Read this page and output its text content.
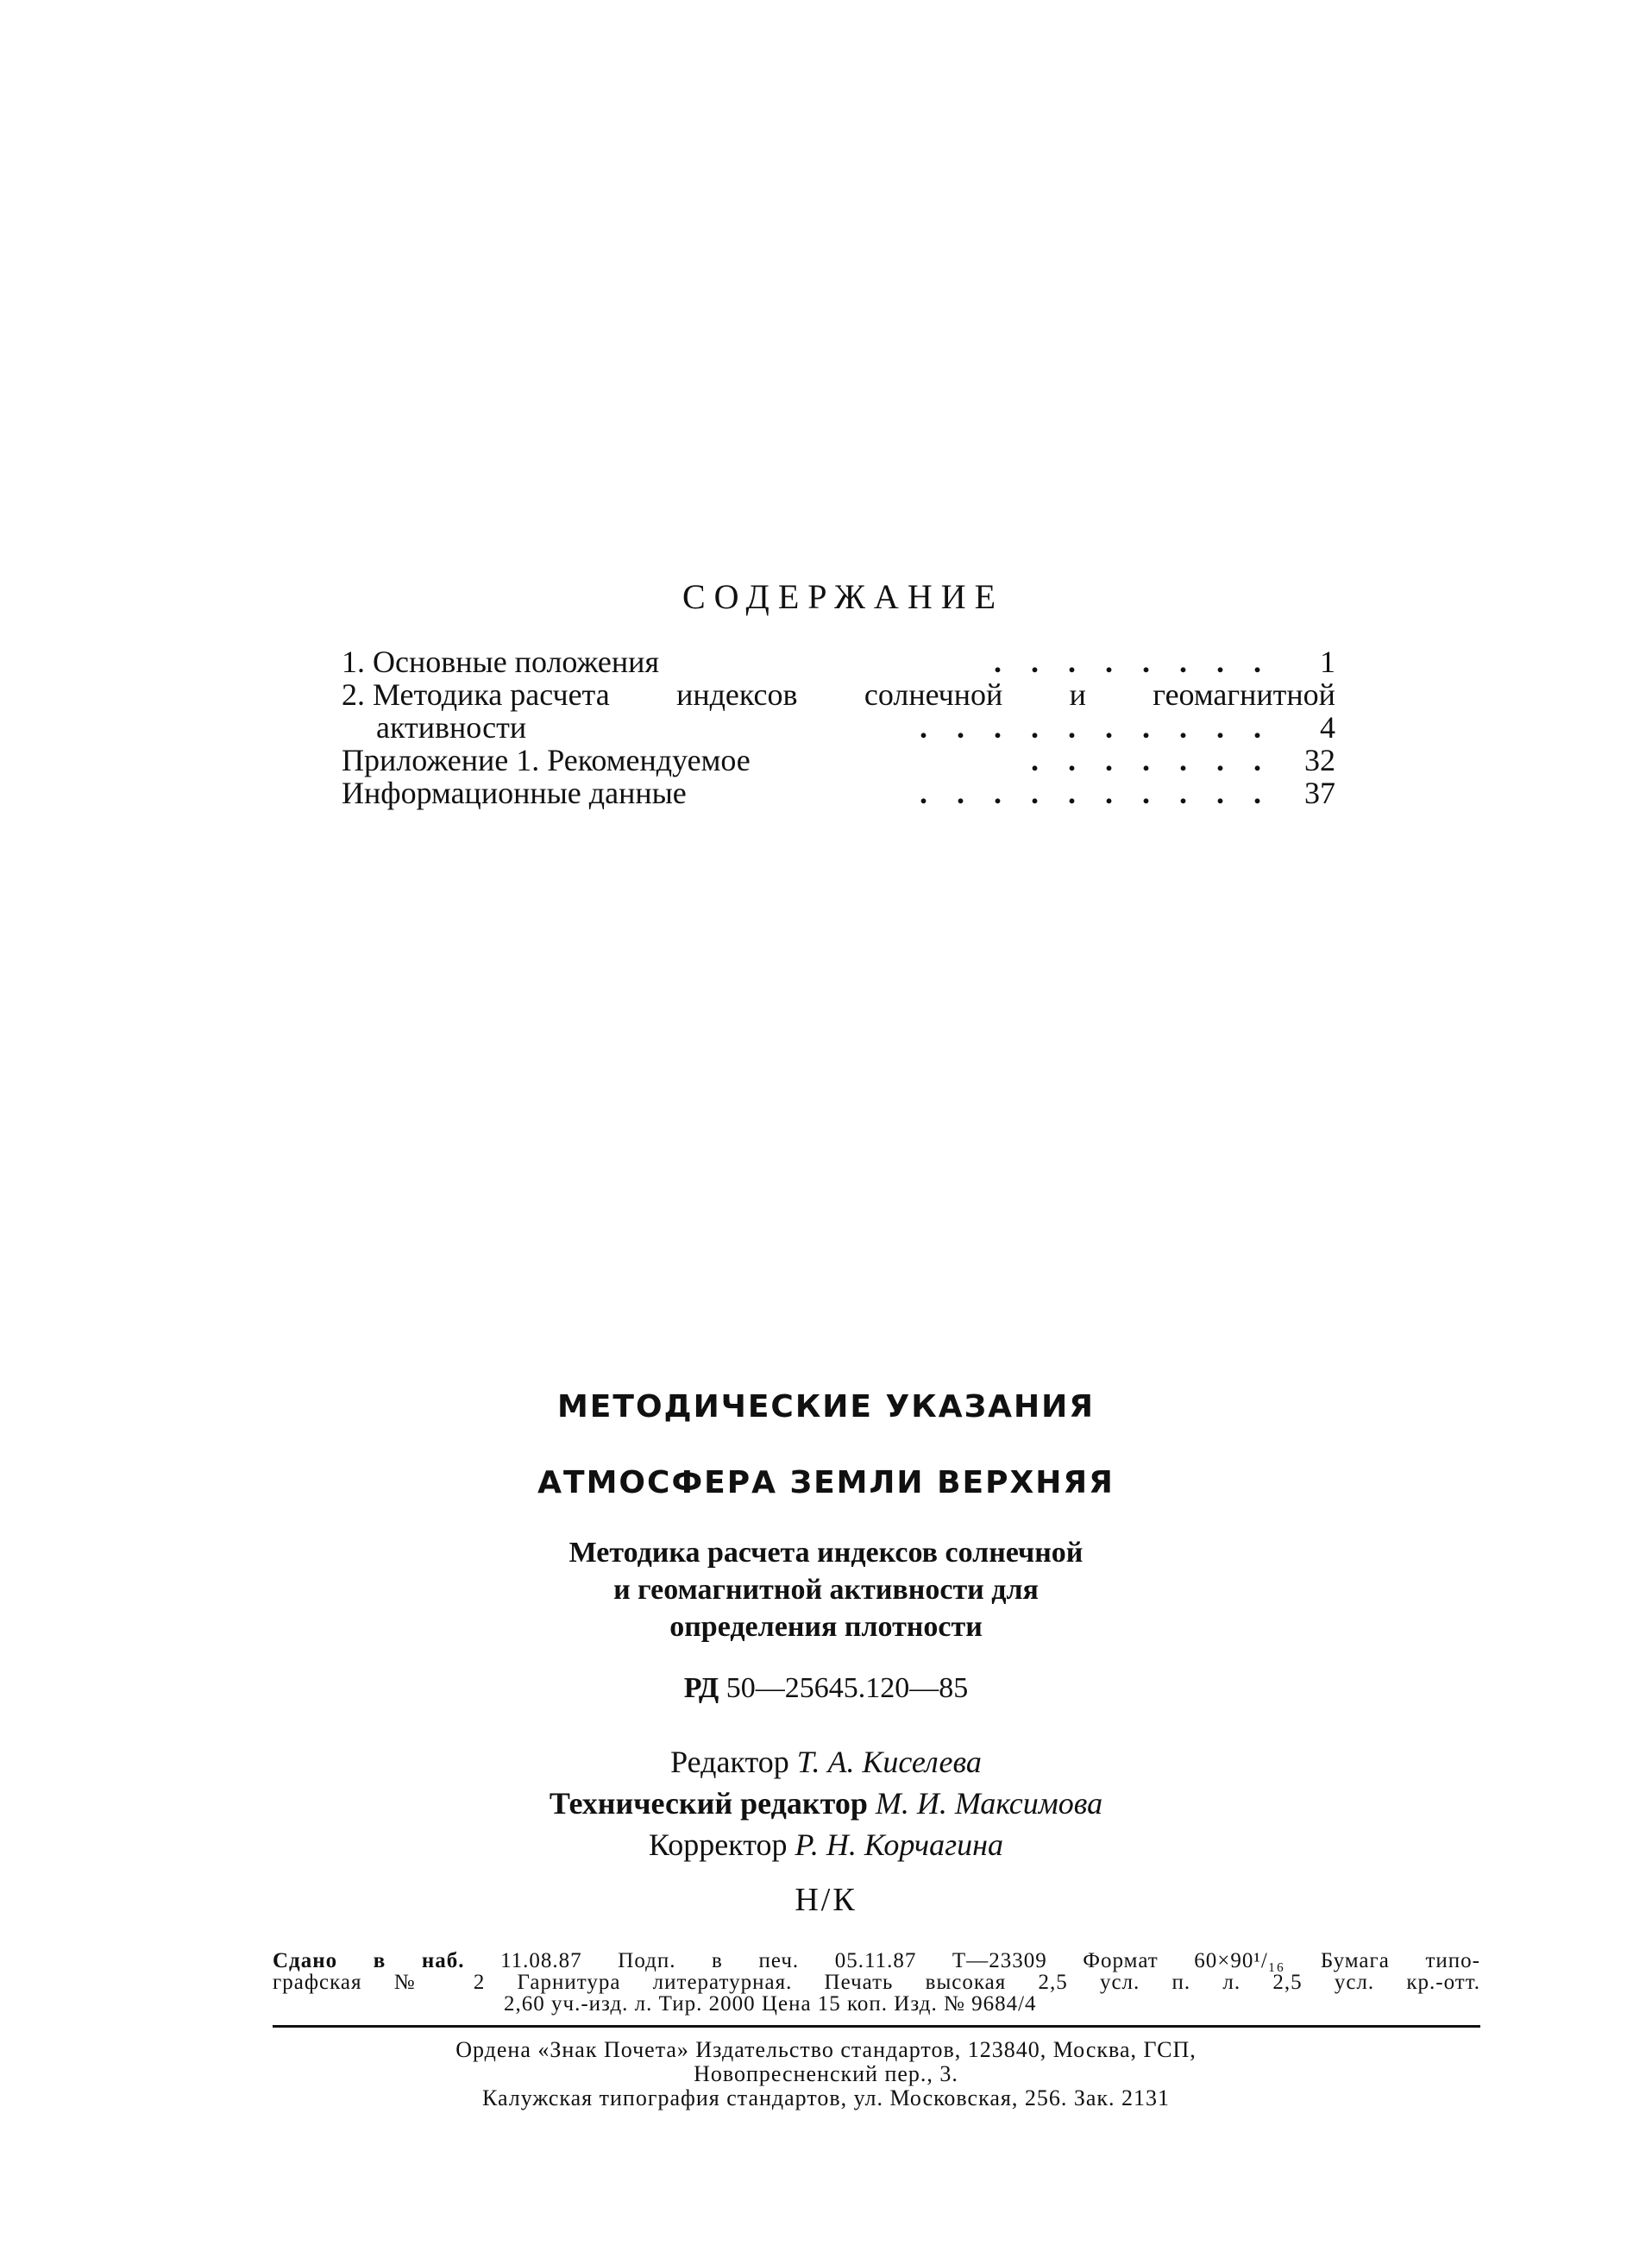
СОДЕРЖАНИЕ
1. Основные положения	........ 1
2. Методика расчета индексов солнечной и геомагнитной
активности	.......... 4
Приложение 1. Рекомендуемое	....... 32
Информационные данные	.......... 37
МЕТОДИЧЕСКИЕ УКАЗАНИЯ
АТМОСФЕРА ЗЕМЛИ ВЕРХНЯЯ
Методика расчета индексов солнечной
и геомагнитной активности для
определения плотности
РД 50—25645.120—85
Редактор Т. А. Киселева
Технический редактор М. И. Максимова
Корректор Р. Н. Корчагина
Н/К
Сдано в наб. 11.08.87 Подп. в печ. 05.11.87 Т—23309 Формат 60×90¹/₁₆ Бумага типо-
графская № 2 Гарнитура литературная. Печать высокая 2,5 усл. п. л. 2,5 усл. кр.-отт.
2,60 уч.-изд. л. Тир. 2000 Цена 15 коп. Изд. № 9684/4
Ордена «Знак Почета» Издательство стандартов, 123840, Москва, ГСП,
Новопресненский пер., 3.
Калужская типография стандартов, ул. Московская, 256. Зак. 2131
